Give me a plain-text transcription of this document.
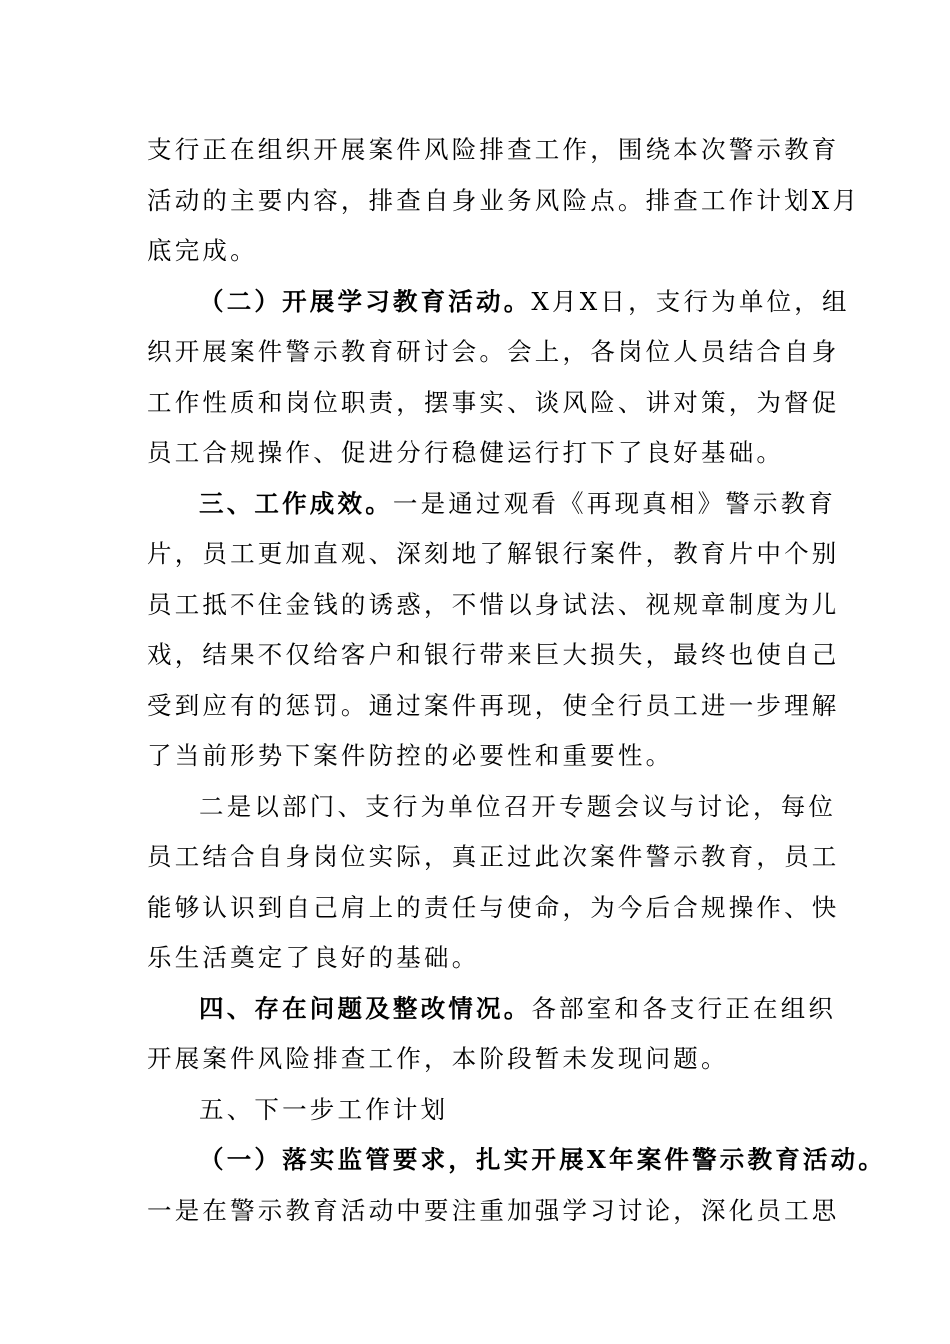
支行正在组织开展案件风险排查工作，围绕本次警示教育
活动的主要内容，排查自身业务风险点。排查工作计划X月
底完成。
（二）开展学习教育活动。X月X日，支行为单位，组
织开展案件警示教育研讨会。会上，各岗位人员结合自身
工作性质和岗位职责，摆事实、谈风险、讲对策，为督促
员工合规操作、促进分行稳健运行打下了良好基础。
三、工作成效。一是通过观看《再现真相》警示教育
片，员工更加直观、深刻地了解银行案件，教育片中个别
员工抵不住金钱的诱惑，不惜以身试法、视规章制度为儿
戏，结果不仅给客户和银行带来巨大损失，最终也使自己
受到应有的惩罚。通过案件再现，使全行员工进一步理解
了当前形势下案件防控的必要性和重要性。
二是以部门、支行为单位召开专题会议与讨论，每位
员工结合自身岗位实际，真正过此次案件警示教育，员工
能够认识到自己肩上的责任与使命，为今后合规操作、快
乐生活奠定了良好的基础。
四、存在问题及整改情况。各部室和各支行正在组织
开展案件风险排查工作，本阶段暂未发现问题。
五、下一步工作计划
（一）落实监管要求，扎实开展X年案件警示教育活动。
一是在警示教育活动中要注重加强学习讨论，深化员工思
